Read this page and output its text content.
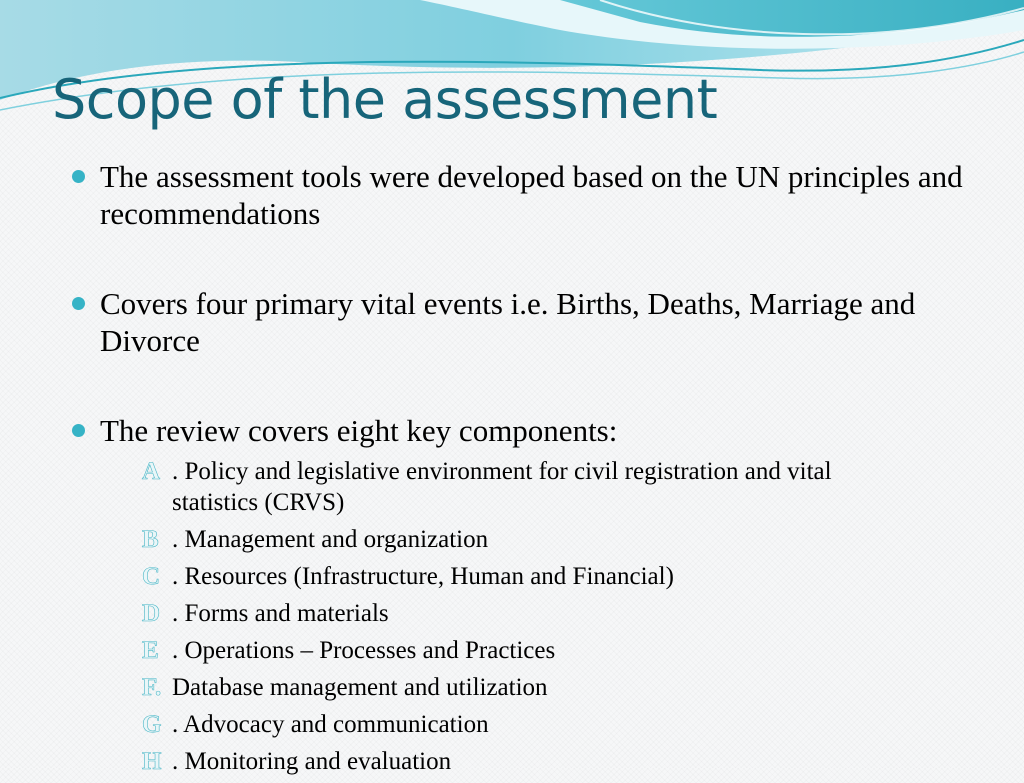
Scope of the assessment
The assessment tools were developed based on the UN principles and recommendations
Covers four primary vital events i.e. Births, Deaths, Marriage and Divorce
The review covers eight key components:
A . Policy and legislative environment for civil registration and vital statistics (CRVS)
B . Management and organization
C . Resources (Infrastructure, Human and Financial)
D . Forms and materials
E . Operations – Processes and Practices
F. Database management and utilization
G . Advocacy and communication
H . Monitoring and evaluation
